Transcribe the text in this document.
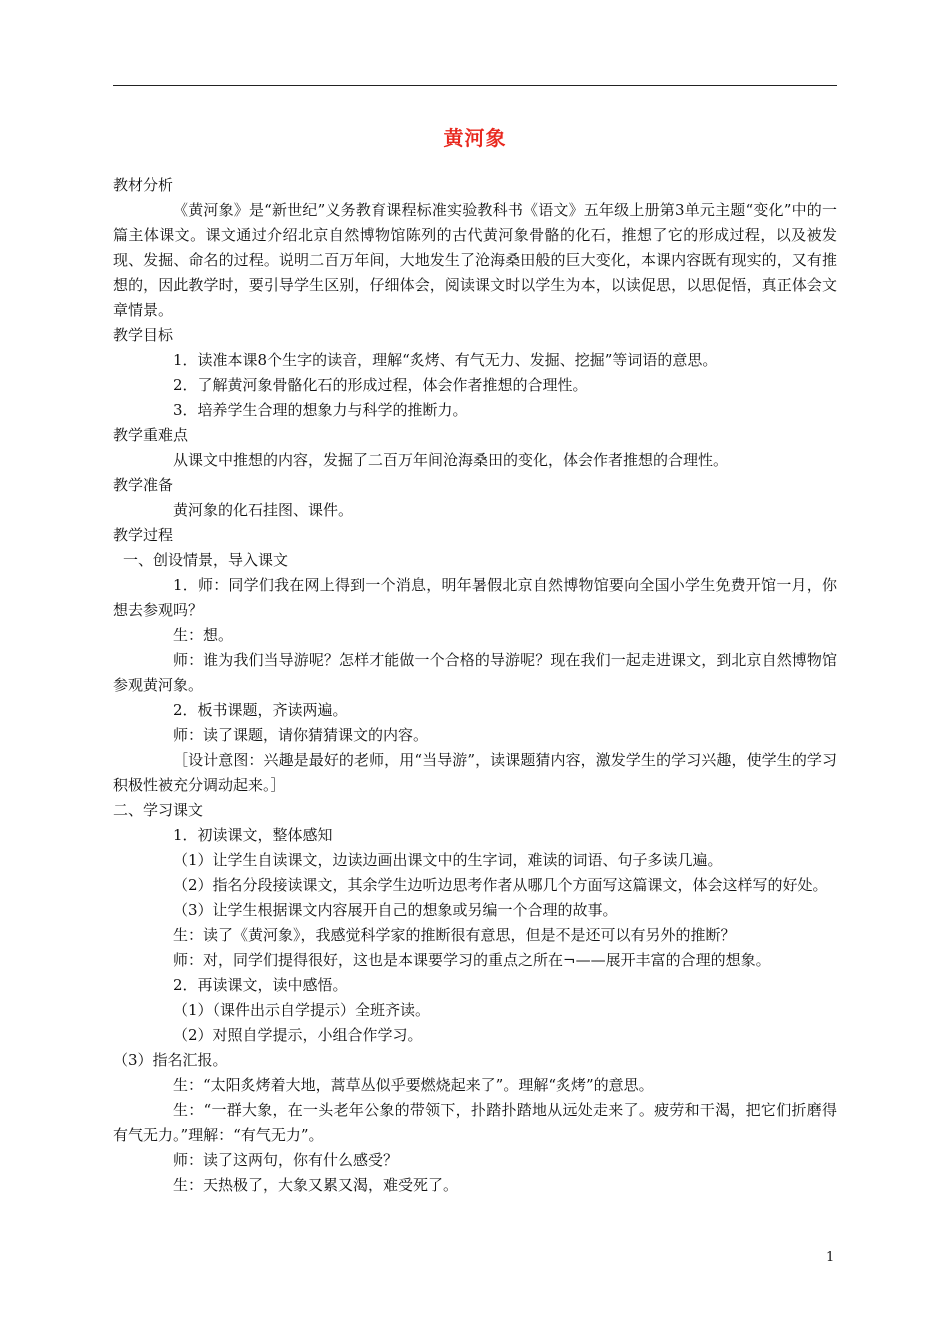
黄河象

教材分析

《黄河象》是“新世纪”义务教育课程标准实验教科书《语文》五年级上册第3单元主题“变化”中的一篇主体课文。课文通过介绍北京自然博物馆陈列的古代黄河象骨骼的化石，推想了它的形成过程，以及被发现、发掘、命名的过程。说明二百万年间，大地发生了沧海桑田般的巨大变化，本课内容既有现实的，又有推想的，因此教学时，要引导学生区别，仔细体会，阅读课文时以学生为本，以读促思，以思促悟，真正体会文章情景。

教学目标

1．读准本课8个生字的读音，理解“炙烤、有气无力、发掘、挖掘”等词语的意思。

2．了解黄河象骨骼化石的形成过程，体会作者推想的合理性。

3．培养学生合理的想象力与科学的推断力。

教学重难点

从课文中推想的内容，发掘了二百万年间沧海桑田的变化，体会作者推想的合理性。

教学准备

黄河象的化石挂图、课件。

教学过程

一、创设情景，导入课文

1．师：同学们我在网上得到一个消息，明年暑假北京自然博物馆要向全国小学生免费开馆一月，你想去参观吗？

生：想。

师：谁为我们当导游呢？怎样才能做一个合格的导游呢？现在我们一起走进课文，到北京自然博物馆参观黄河象。

2．板书课题，齐读两遍。

师：读了课题，请你猜猜课文的内容。

［设计意图：兴趣是最好的老师，用“当导游”，读课题猜内容，激发学生的学习兴趣，使学生的学习积极性被充分调动起来。］

二、学习课文

1．初读课文，整体感知

（1）让学生自读课文，边读边画出课文中的生字词，难读的词语、句子多读几遍。

（2）指名分段接读课文，其余学生边听边思考作者从哪几个方面写这篇课文，体会这样写的好处。

（3）让学生根据课文内容展开自己的想象或另编一个合理的故事。

生：读了《黄河象》，我感觉科学家的推断很有意思，但是不是还可以有另外的推断？

师：对，同学们提得很好，这也是本课要学习的重点之所在¬——展开丰富的合理的想象。

2．再读课文，读中感悟。

（1）（课件出示自学提示）全班齐读。

（2）对照自学提示，小组合作学习。

（3）指名汇报。

生：“太阳炙烤着大地，蒿草丛似乎要燃烧起来了”。理解“炙烤”的意思。

生：“一群大象，在一头老年公象的带领下，扑踏扑踏地从远处走来了。疲劳和干渴，把它们折磨得有气无力。”理解：“有气无力”。

师：读了这两句，你有什么感受？

生：天热极了，大象又累又渴，难受死了。

1
